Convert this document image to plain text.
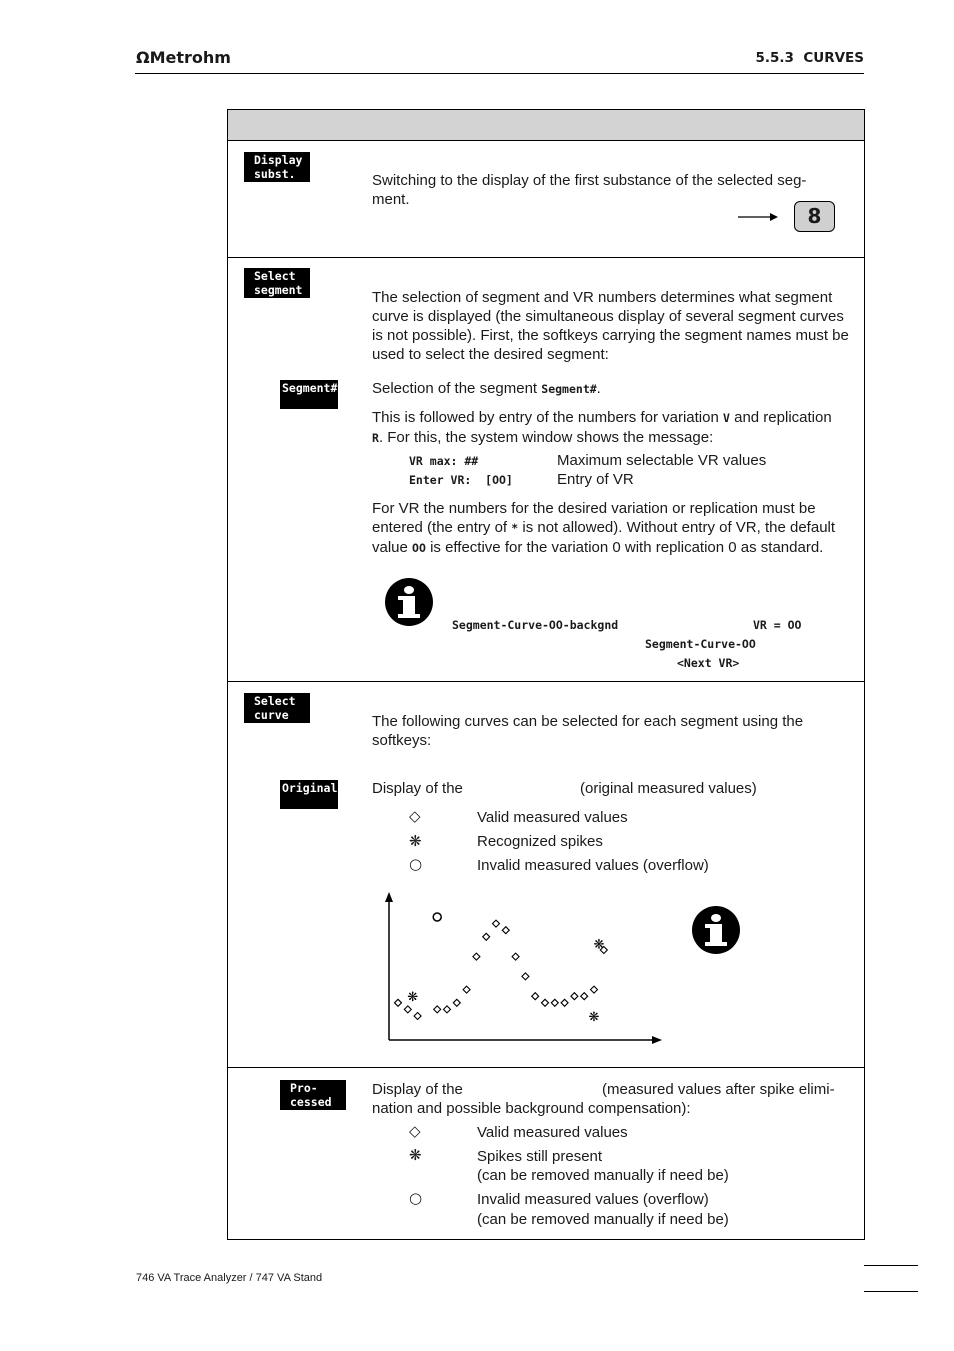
ΩMetrohm	5.5.3  CURVES
Display
subst.	Switching to the display of the first substance of the selected seg-
ment.
8
Select
segment	The selection of segment and VR numbers determines what segment curve is displayed (the simultaneous display of several segment curves is not possible). First, the softkeys carrying the segment names must be used to select the desired segment:
Segment# Selection of the segment Segment#.
This is followed by entry of the numbers for variation V and replication
R. For this, the system window shows the message:
VR max: ##	Maximum selectable VR values
Enter VR:  [OO]	Entry of VR
For VR the numbers for the desired variation or replication must be
entered (the entry of * is not allowed). Without entry of VR, the default
value OO is effective for the variation 0 with replication 0 as standard.
Segment-Curve-OO-backgnd	VR = OO
Segment-Curve-OO
<Next VR>
Select
curve	The following curves can be selected for each segment using the softkeys:
Original Display of the	(original measured values)
◇	Valid measured values
❋	Recognized spikes
○	Invalid measured values (overflow)
❋
❋
❋
Pro-
cessed
Display of the	(measured values after spike elimi-
nation and possible background compensation):
◇	Valid measured values
❋	Spikes still present
(can be removed manually if need be)
○	Invalid measured values (overflow)
(can be removed manually if need be)
746 VA Trace Analyzer / 747 VA Stand
